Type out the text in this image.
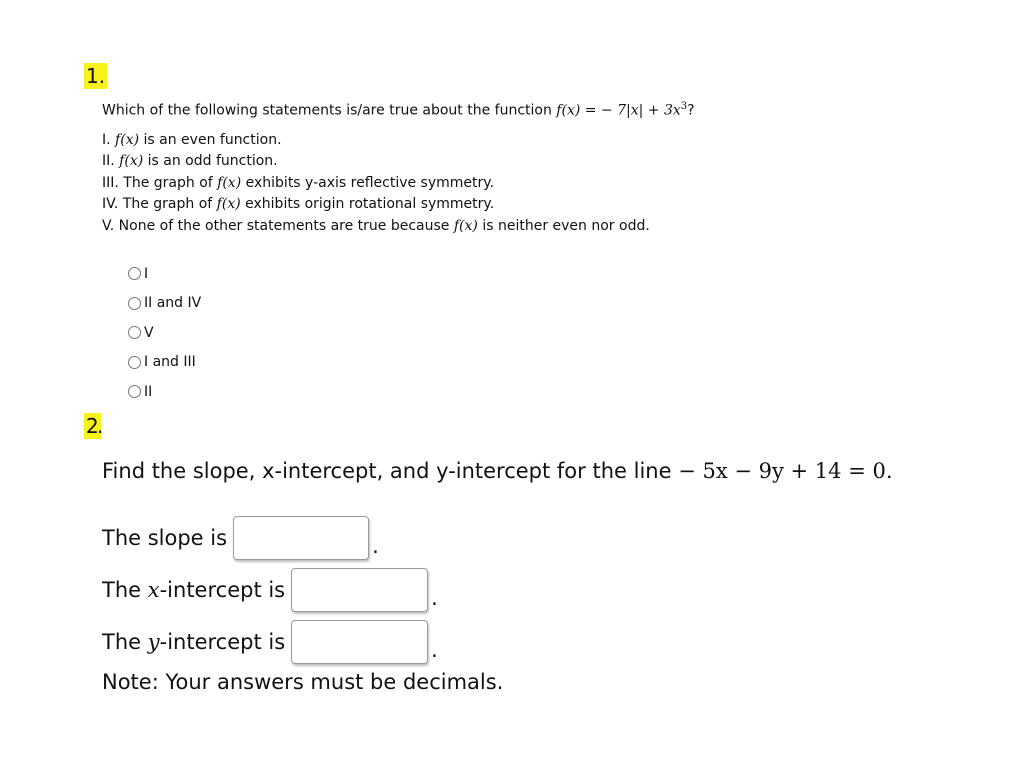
1.

Which of the following statements is/are true about the function f(x) = − $7|x| + 3x^3$?

I. f(x) is an even function.

II. f(x) is an odd function.

III. The graph of f(x) exhibits y-axis reflective symmetry.

IV. The graph of f(x) exhibits origin rotational symmetry.

V. None of the other statements are true because f(x) is neither even nor odd.

I
II and IV
V
I and III
II
2
.

Find the slope, x-intercept, and y-intercept for the line − 5x − 9y + 14 = 0.

The slope is	.
The x-intercept is	.
The y-intercept is	.
Note: Your answers must be decimals.
